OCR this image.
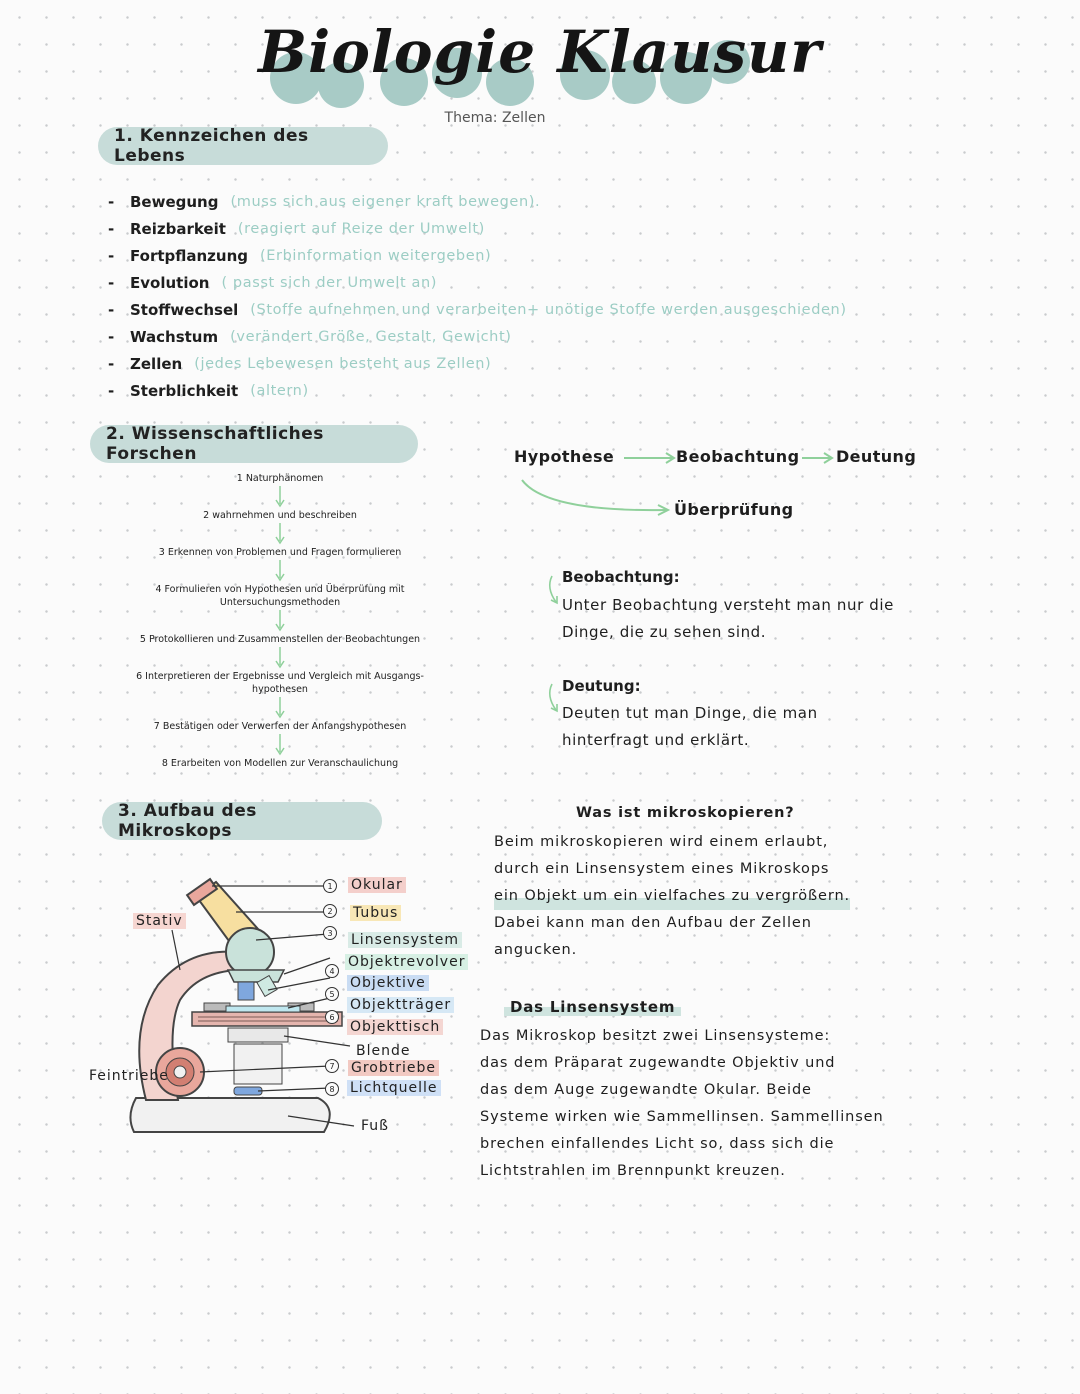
Biologie Klausur
Thema: Zellen
1. Kennzeichen des Lebens
-	Bewegung (muss sich aus eigener kraft bewegen).
-	Reizbarkeit (reagiert auf Reize der Umwelt)
-	Fortpflanzung (Erbinformation weitergeben)
-	Evolution ( passt sich der Umwelt an)
-	Stoffwechsel (Stoffe aufnehmen und verarbeiten+ unötige Stoffe werden ausgeschieden)
-	Wachstum (verändert Größe, Gestalt, Gewicht)
-	Zellen (jedes Lebewesen besteht aus Zellen)
-	Sterblichkeit (altern)
2. Wissenschaftliches Forschen
1 Naturphänomen
2 wahrnehmen und beschreiben
3 Erkennen von Problemen und Fragen formulieren
4 Formulieren von Hypothesen und Überprüfung mit Untersuchungsmethoden
5 Protokollieren und Zusammenstellen der Beobachtungen
6 Interpretieren der Ergebnisse und Vergleich mit Ausgangs-hypothesen
7 Bestätigen oder Verwerfen der Anfangshypothesen
8 Erarbeiten von Modellen zur Veranschaulichung
Hypothese	Beobachtung Deutung
Überprüfung
Beobachtung:
Unter Beobachtung versteht man nur die
Dinge, die zu sehen sind.
Deutung:
Deuten tut man Dinge, die man
hinterfragt und erklärt.
3. Aufbau des Mikroskops
1	Okular
2	Tubus
3	Linsensystem
4
Objektrevolver
5
Objektive
6
Objektträger
Objekttisch
Blende
7	Grobtriebe
8	Lichtquelle
Fuß
Stativ
Feintriebe
Was ist mikroskopieren?
Beim mikroskopieren wird einem erlaubt,
durch ein Linsensystem eines Mikroskops
ein Objekt um ein vielfaches zu vergrößern.
Dabei kann man den Aufbau der Zellen
angucken.
Das Linsensystem
Das Mikroskop besitzt zwei Linsensysteme:
das dem Präparat zugewandte Objektiv und
das dem Auge zugewandte Okular. Beide
Systeme wirken wie Sammellinsen. Sammellinsen
brechen einfallendes Licht so, dass sich die
Lichtstrahlen im Brennpunkt kreuzen.
